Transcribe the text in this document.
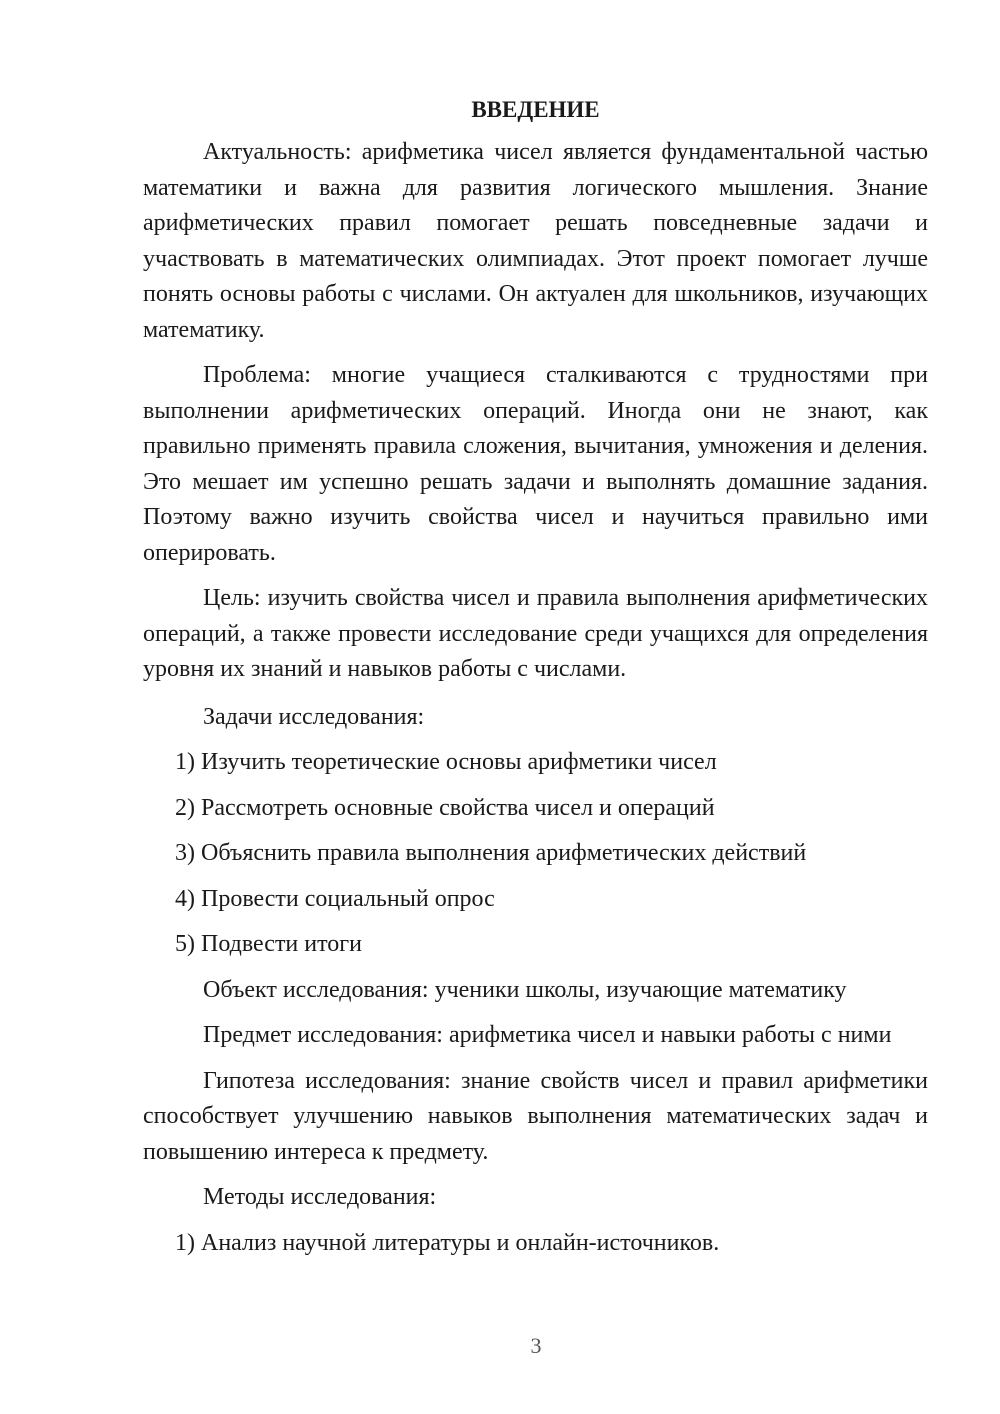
ВВЕДЕНИЕ

Актуальность: арифметика чисел является фундаментальной частью математики и важна для развития логического мышления. Знание арифметических правил помогает решать повседневные задачи и участвовать в математических олимпиадах. Этот проект помогает лучше понять основы работы с числами. Он актуален для школьников, изучающих математику.

Проблема: многие учащиеся сталкиваются с трудностями при выполнении арифметических операций. Иногда они не знают, как правильно применять правила сложения, вычитания, умножения и деления. Это мешает им успешно решать задачи и выполнять домашние задания. Поэтому важно изучить свойства чисел и научиться правильно ими оперировать.

Цель: изучить свойства чисел и правила выполнения арифметических операций, а также провести исследование среди учащихся для определения уровня их знаний и навыков работы с числами.

Задачи исследования:
1) Изучить теоретические основы арифметики чисел
2) Рассмотреть основные свойства чисел и операций
3) Объяснить правила выполнения арифметических действий
4) Провести социальный опрос
5) Подвести итоги
Объект исследования: ученики школы, изучающие математику
Предмет исследования: арифметика чисел и навыки работы с ними

Гипотеза исследования: знание свойств чисел и правил арифметики способствует улучшению навыков выполнения математических задач и повышению интереса к предмету.

Методы исследования:
1) Анализ научной литературы и онлайн-источников.
3
